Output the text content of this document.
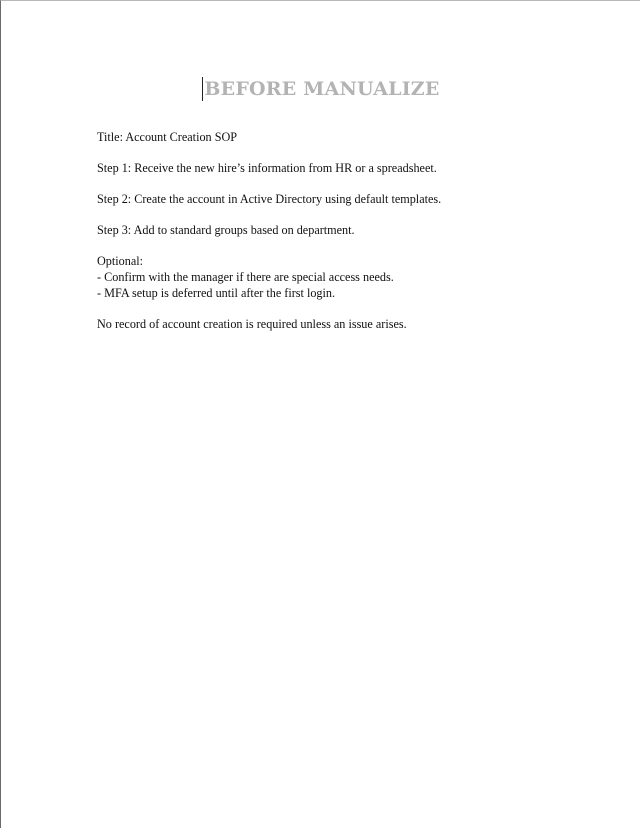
BEFORE MANUALIZE
Title: Account Creation SOP
Step 1: Receive the new hire’s information from HR or a spreadsheet.
Step 2: Create the account in Active Directory using default templates.
Step 3: Add to standard groups based on department.
Optional:
- Confirm with the manager if there are special access needs.
- MFA setup is deferred until after the first login.
No record of account creation is required unless an issue arises.
